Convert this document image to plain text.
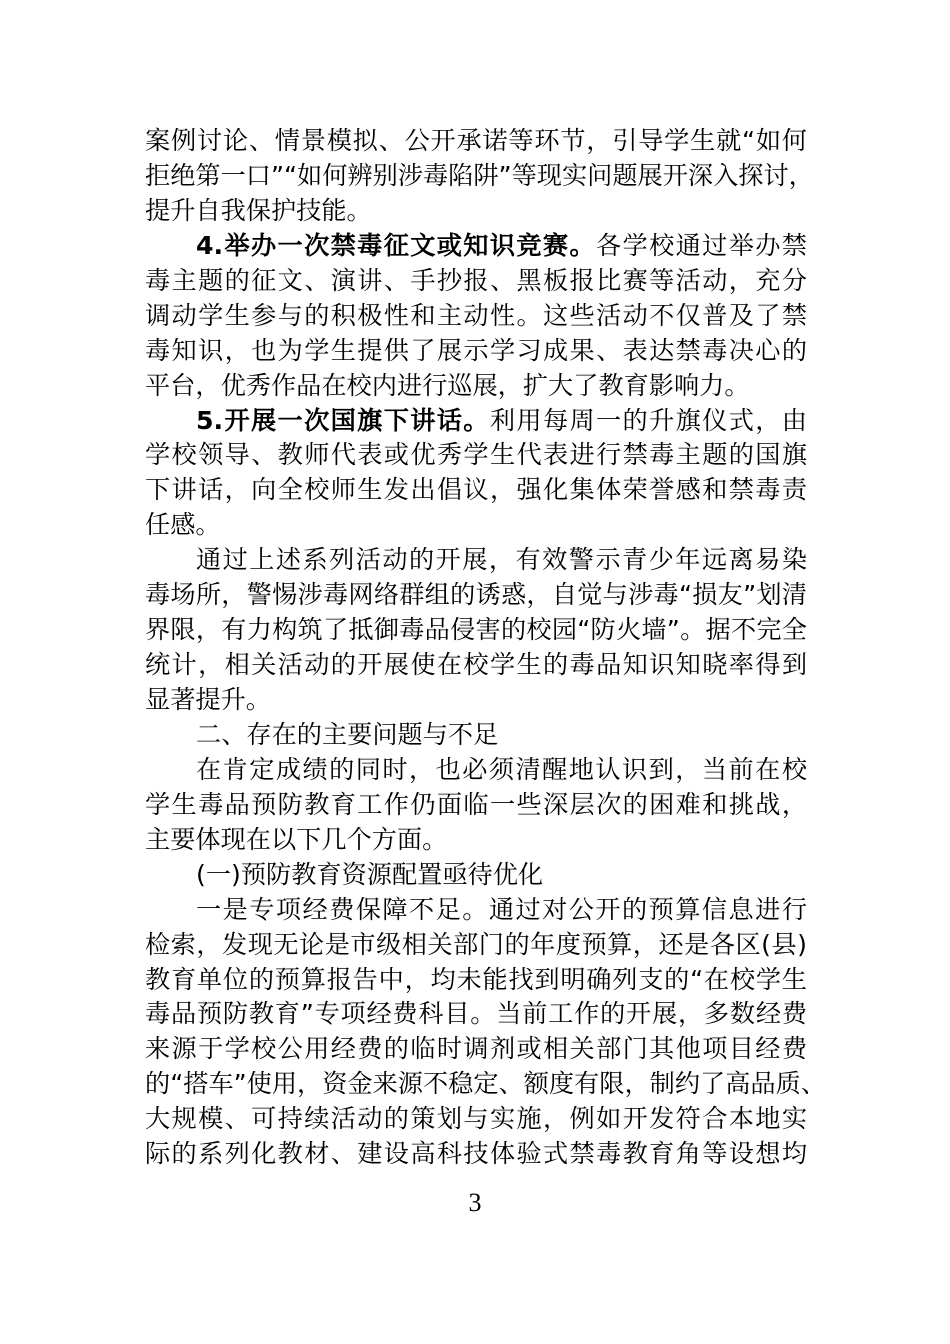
案例讨论、情景模拟、公开承诺等环节，引导学生就“如何
拒绝第一口”“如何辨别涉毒陷阱”等现实问题展开深入探讨，
提升自我保护技能。
4.举办一次禁毒征文或知识竞赛。各学校通过举办禁
毒主题的征文、演讲、手抄报、黑板报比赛等活动，充分
调动学生参与的积极性和主动性。这些活动不仅普及了禁
毒知识，也为学生提供了展示学习成果、表达禁毒决心的
平台，优秀作品在校内进行巡展，扩大了教育影响力。
5.开展一次国旗下讲话。利用每周一的升旗仪式，由
学校领导、教师代表或优秀学生代表进行禁毒主题的国旗
下讲话，向全校师生发出倡议，强化集体荣誉感和禁毒责
任感。
通过上述系列活动的开展，有效警示青少年远离易染
毒场所，警惕涉毒网络群组的诱惑，自觉与涉毒“损友”划清
界限，有力构筑了抵御毒品侵害的校园“防火墙”。据不完全
统计，相关活动的开展使在校学生的毒品知识知晓率得到
显著提升。
二、存在的主要问题与不足
在肯定成绩的同时，也必须清醒地认识到，当前在校
学生毒品预防教育工作仍面临一些深层次的困难和挑战，
主要体现在以下几个方面。
(一)预防教育资源配置亟待优化
一是专项经费保障不足。通过对公开的预算信息进行
检索，发现无论是市级相关部门的年度预算，还是各区(县)
教育单位的预算报告中，均未能找到明确列支的“在校学生
毒品预防教育”专项经费科目。当前工作的开展，多数经费
来源于学校公用经费的临时调剂或相关部门其他项目经费
的“搭车”使用，资金来源不稳定、额度有限，制约了高品质、
大规模、可持续活动的策划与实施，例如开发符合本地实
际的系列化教材、建设高科技体验式禁毒教育角等设想均
3
